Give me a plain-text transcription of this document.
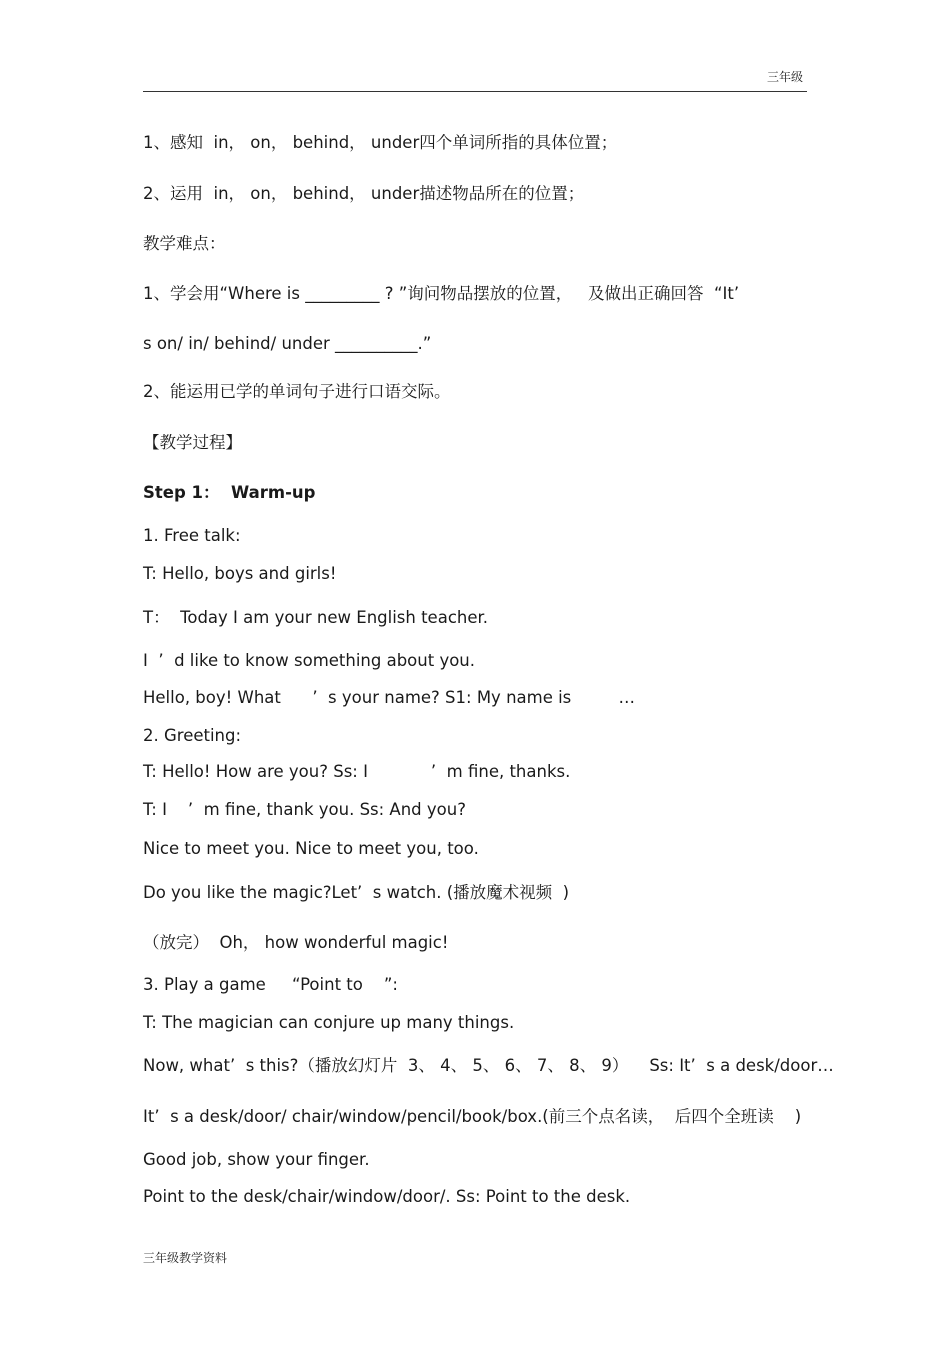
三年级
1、感知  in， on， behind， under四个单词所指的具体位置；
2、运用  in， on， behind， under描述物品所在的位置；
教学难点：
1、学会用“Where is _________ ? ”询问物品摆放的位置，   及做出正确回答  “It’
s on/ in/ behind/ under __________.”
2、能运用已学的单词句子进行口语交际。
【教学过程】
Step 1：  Warm-up
1. Free talk:
T: Hello, boys and girls!
T：  Today I am your new English teacher.
I  ’  d like to know something about you.
Hello, boy! What      ’  s your name? S1: My name is         …
2. Greeting:
T: Hello! How are you? Ss: I            ’  m fine, thanks.
T: I    ’  m fine, thank you. Ss: And you?
Nice to meet you. Nice to meet you, too.
Do you like the magic?Let’  s watch. (播放魔术视频  )
（放完）  Oh， how wonderful magic!
3. Play a game     “Point to    ”:
T: The magician can conjure up many things.
Now, what’  s this?（播放幻灯片  3、 4、 5、 6、 7、 8、 9）    Ss: It’  s a desk/door…
It’  s a desk/door/ chair/window/pencil/book/box.(前三个点名读，  后四个全班读    )
Good job, show your finger.
Point to the desk/chair/window/door/. Ss: Point to the desk.
三年级教学资料
